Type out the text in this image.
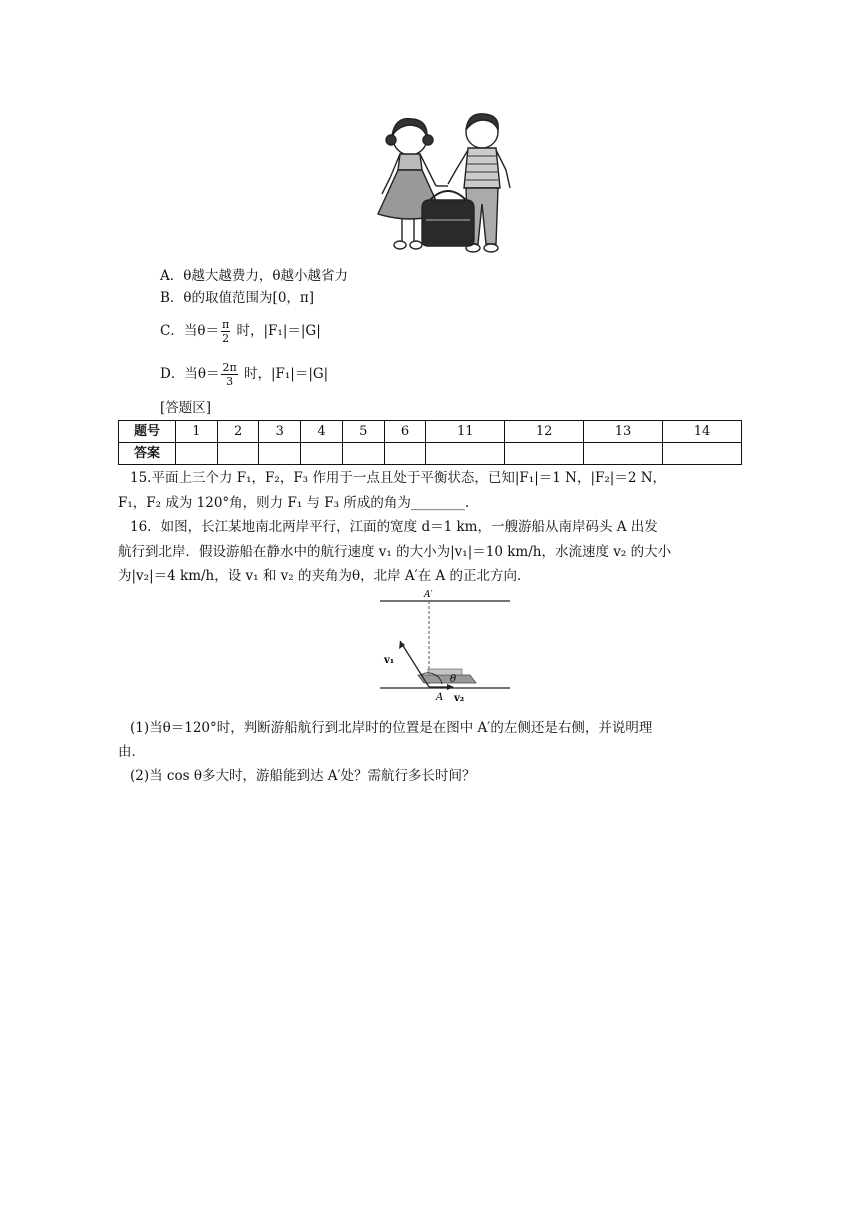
A．θ越大越费力，θ越小越省力
B．θ的取值范围为[0，π]
C．当$\theta= \frac{\pi}{2}$ 时，|F₁|＝|G|
D．当$\theta= \frac{2\pi}{3}$ 时，|F₁|＝|G|
[答题区]
题号	1	2	3	4	5	6	11	12	13	14
答案										
15.平面上三个力 F₁，F₂，F₃ 作用于一点且处于平衡状态，已知|F₁|＝1 N，|F₂|＝2 N，
F₁，F₂ 成为 120°角，则力 F₁ 与 F₃ 所成的角为________.
16．如图，长江某地南北两岸平行，江面的宽度 d＝1 km，一艘游船从南岸码头 A 出发
航行到北岸．假设游船在静水中的航行速度 v₁ 的大小为|v₁|＝10 km/h，水流速度 v₂ 的大小
为|v₂|＝4 km/h，设 v₁ 和 v₂ 的夹角为θ，北岸 A′在 A 的正北方向．
A′
A
v₁
v₂
θ
(1)当θ＝120°时，判断游船航行到北岸时的位置是在图中 A′的左侧还是右侧，并说明理
由．
(2)当 cos θ多大时，游船能到达 A′处？需航行多长时间？
